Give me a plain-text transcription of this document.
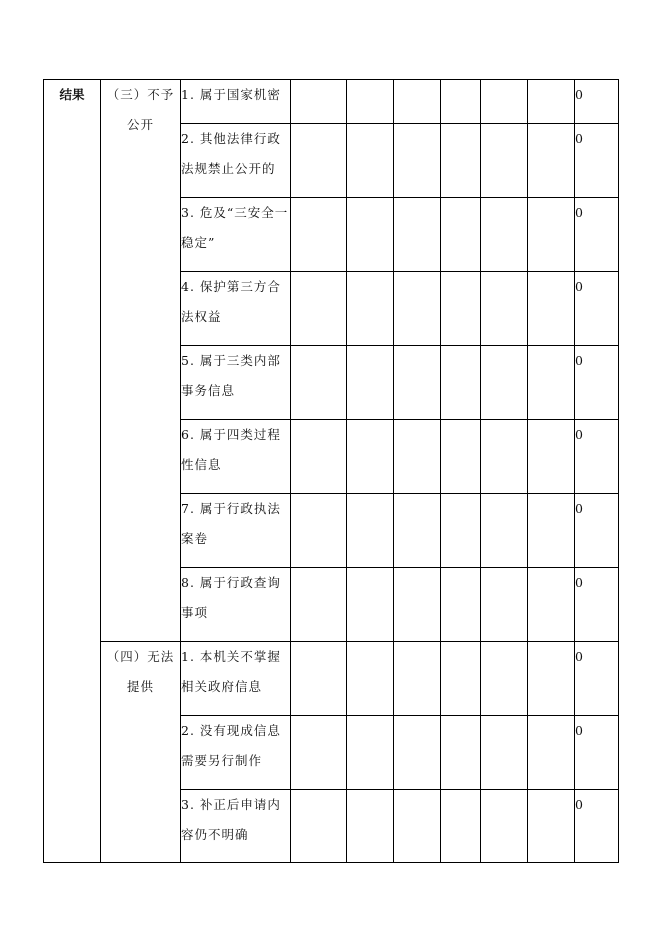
结果	（三）不予公开	1. 属于国家机密							0
		2. 其他法律行政法规禁止公开的							0
		3. 危及“三安全一稳定”							0
		4. 保护第三方合法权益							0
		5. 属于三类内部事务信息							0
		6. 属于四类过程性信息							0
		7. 属于行政执法案卷							0
		8. 属于行政查询事项							0
	（四）无法提供	1. 本机关不掌握相关政府信息							0
		2. 没有现成信息需要另行制作							0
		3. 补正后申请内容仍不明确							0
